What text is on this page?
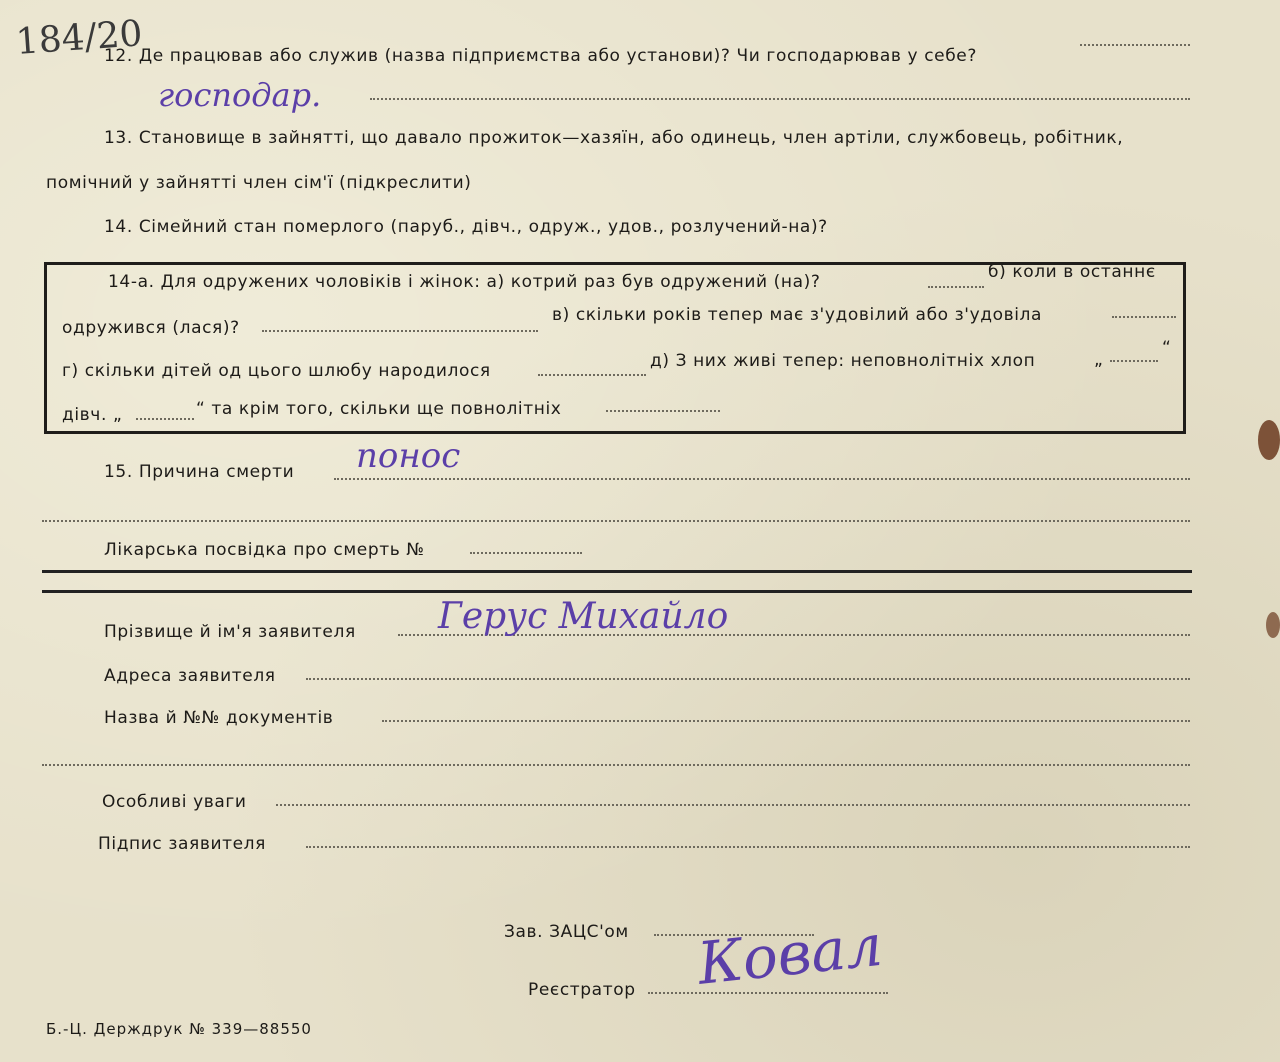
184/20
12. Де працював або служив (назва підприємства або установи)? Чи господарював у себе?
господар.
13. Становище в зайнятті, що давало прожиток—хазяїн, або одинець, член артіли, службовець, робітник,
помічний у зайнятті член сім'ї (підкреслити)
14. Сімейний стан померлого (паруб., дівч., одруж., удов., розлучений-на)?
14-а. Для одружених чоловіків і жінок: а) котрий раз був одружений (на)?	б) коли в останнє
одружився (лася)?
в) скільки років тепер має з'удовілий або з'удовіла
г) скільки дітей од цього шлюбу народилося	д) З них живі тепер: неповнолітніх хлоп	„
“
дівч. „	“ та крім того, скільки ще повнолітніх
15. Причина смерти понос
Лікарська посвідка про смерть №
Прізвище й ім'я заявителя Герус Михайло
Адреса заявителя
Назва й №№ документів
Особливі уваги
Підпис заявителя
Зав. ЗАЦС'ом
Реєстратор Ковал
Б.-Ц. Держдрук № 339—88550
